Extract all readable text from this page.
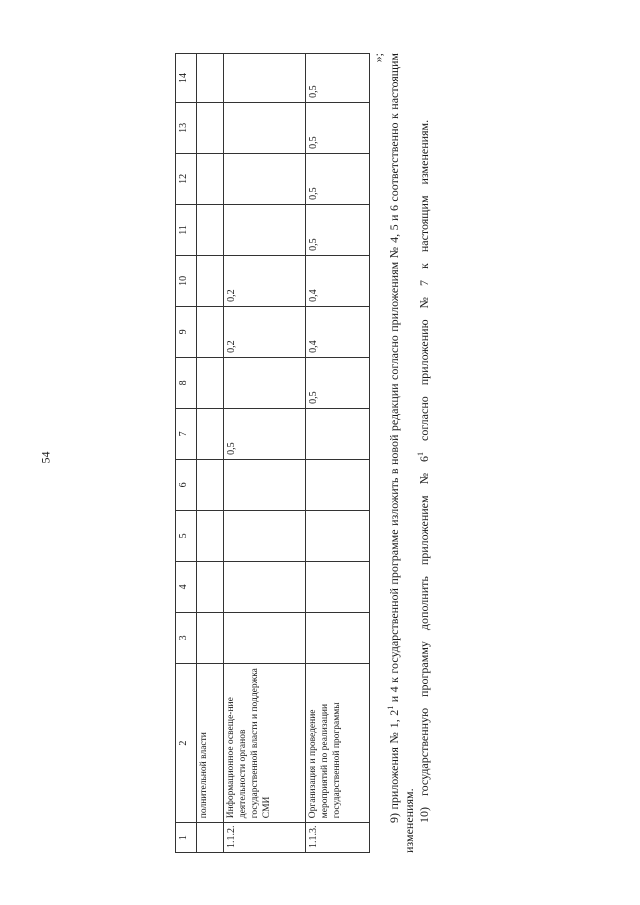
54
1	2	3	4	5	6	7	8	9	10	11	12	13	14
	полнительной власти												
1.1.2.	Информационное освеще-ние деятельности органов государственной власти и поддержка СМИ					0,5		0,2	0,2				
1.1.3.	Организация и проведение мероприятий по реализации государственной программы						0,5	0,4	0,4	0,5	0,5	0,5	0,5
»;

9) приложения № 1, $2^1$ и 4 к государственной программе изложить в новой редакции согласно приложениям № 4, 5 и 6 соответственно к настоящим изменениям. 10) государственную программу дополнить приложением № $6^1$ согласно приложению № 7 к настоящим изменениям.
